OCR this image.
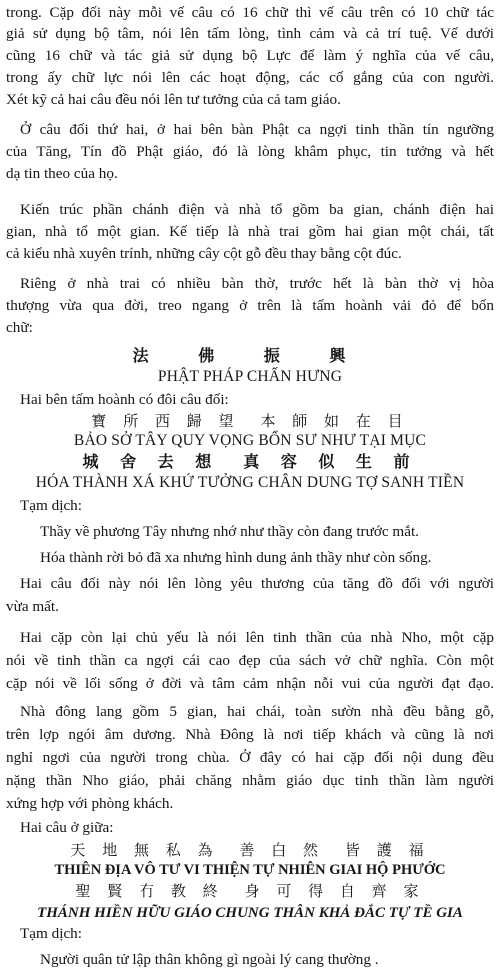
trong. Cặp đối này mỗi vế câu có 16 chữ thì vế câu trên có 10 chữ tác
giả sử dụng bộ tâm, nói lên tấm lòng, tình cảm và cả trí tuệ. Vế dưới
cũng 16 chữ và tác giả sử dụng bộ Lực để làm ý nghĩa của vế câu,
trong ấy chữ lực nói lên các hoạt động, các cố gắng của con người.
Xét kỹ cả hai câu đều nói lên tư tưởng của cả tam giáo.
Ở câu đối thứ hai, ở hai bên bàn Phật ca ngợi tinh thần tín ngưỡng
của Tăng, Tín đồ Phật giáo, đó là lòng khâm phục, tin tưởng và hết
dạ tin theo của họ.
Kiến trúc phần chánh điện và nhà tổ gồm ba gian, chánh điện hai
gian, nhà tổ một gian. Kế tiếp là nhà trai gồm hai gian một chái, tất
cả kiểu nhà xuyên trính, những cây cột gỗ đều thay bằng cột đúc.
Riêng ở nhà trai có nhiều bàn thờ, trước hết là bàn thờ vị hòa
thượng vừa qua đời, treo ngang ở trên là tấm hoành vải đỏ để bốn
chữ:
法 佛 振 興
PHẬT PHÁP CHẤN HƯNG
Hai bên tấm hoành có đôi câu đối:
寶 所 西 歸 望　本 師 如 在 目
BẢO SỞ TÂY QUY VỌNG BỔN SƯ NHƯ TẠI MỤC
城 舍 去 想　真 容 似 生 前
HÓA THÀNH XÁ KHỨ TƯỞNG CHÂN DUNG TỢ SANH TIỀN
Tạm dịch:
Thầy về phương Tây nhưng nhớ như thầy còn đang trước mắt.
Hóa thành rời bỏ đã xa nhưng hình dung ảnh thầy như còn sống.
Hai câu đối này nói lên lòng yêu thương của tăng đồ đối với người
vừa mất.
Hai cặp còn lại chủ yếu là nói lên tinh thần của nhà Nho, một cặp
nói về tinh thần ca ngợi cái cao đẹp của sách vở chữ nghĩa. Còn một
cặp nói về lối sống ở đời và tâm cảm nhận nỗi vui của người đạt đạo.
Nhà đông lang gồm 5 gian, hai chái, toàn sườn nhà đều bằng gỗ,
trên lợp ngói âm dương. Nhà Đông là nơi tiếp khách và cũng là nơi
nghỉ ngơi của người trong chùa. Ở đây có hai cặp đối nội dung đều
nặng thần Nho giáo, phải chăng nhằm giáo dục tinh thần làm người
xứng hợp với phòng khách.
Hai câu ở giữa:
天 地 無 私 為　善 白 然　皆 護 福
THIÊN ĐỊA VÔ TƯ VI THIỆN TỰ NHIÊN GIAI HỘ PHƯỚC
聖 賢 冇 教 終　身 可 得 自 齊 家
THÁNH HIỀN HỮU GIÁO CHUNG THÂN KHẢ ĐẮC TỰ TỀ GIA
Tạm dịch:
Người quân tử lập thân không gì ngoài lý cang thường .
